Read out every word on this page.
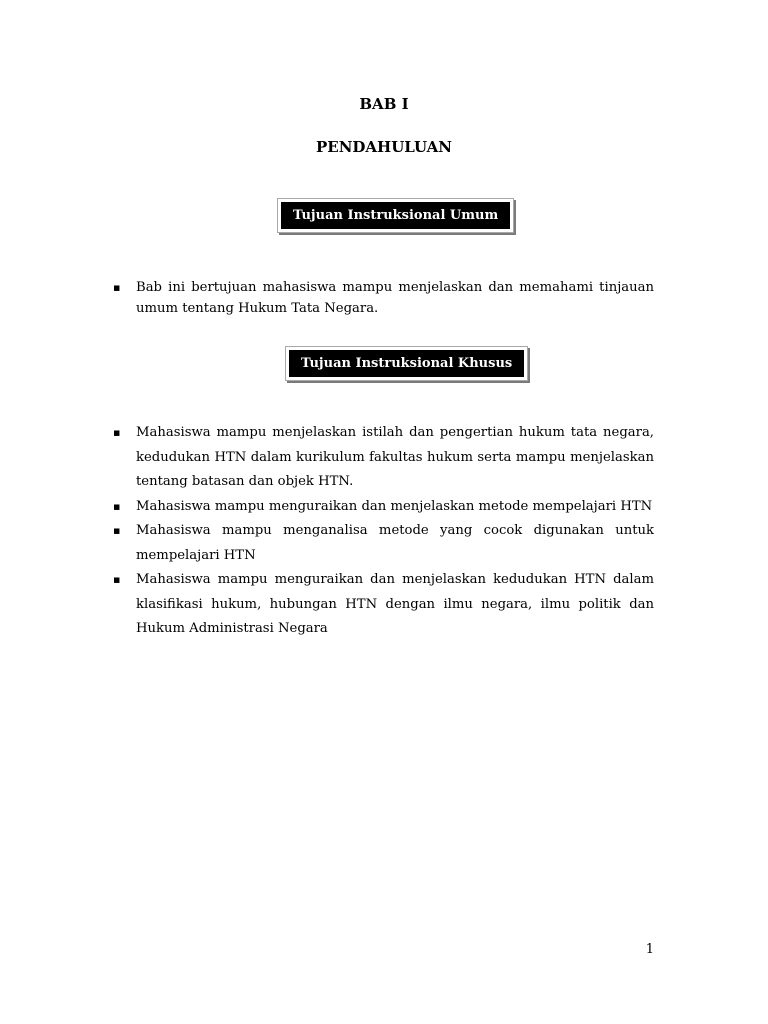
BAB I
PENDAHULUAN
Tujuan Instruksional Umum
▪ Bab ini bertujuan mahasiswa mampu menjelaskan dan memahami tinjauan umum tentang Hukum Tata Negara.
Tujuan Instruksional Khusus
▪ Mahasiswa mampu menjelaskan istilah dan pengertian hukum tata negara, kedudukan HTN dalam kurikulum fakultas hukum serta mampu menjelaskan tentang batasan dan objek HTN.
▪ Mahasiswa mampu menguraikan dan menjelaskan metode mempelajari HTN
▪ Mahasiswa mampu menganalisa metode yang cocok digunakan untuk mempelajari HTN
▪ Mahasiswa mampu menguraikan dan menjelaskan kedudukan HTN dalam klasifikasi hukum, hubungan HTN dengan ilmu negara, ilmu politik dan Hukum Administrasi Negara
1
